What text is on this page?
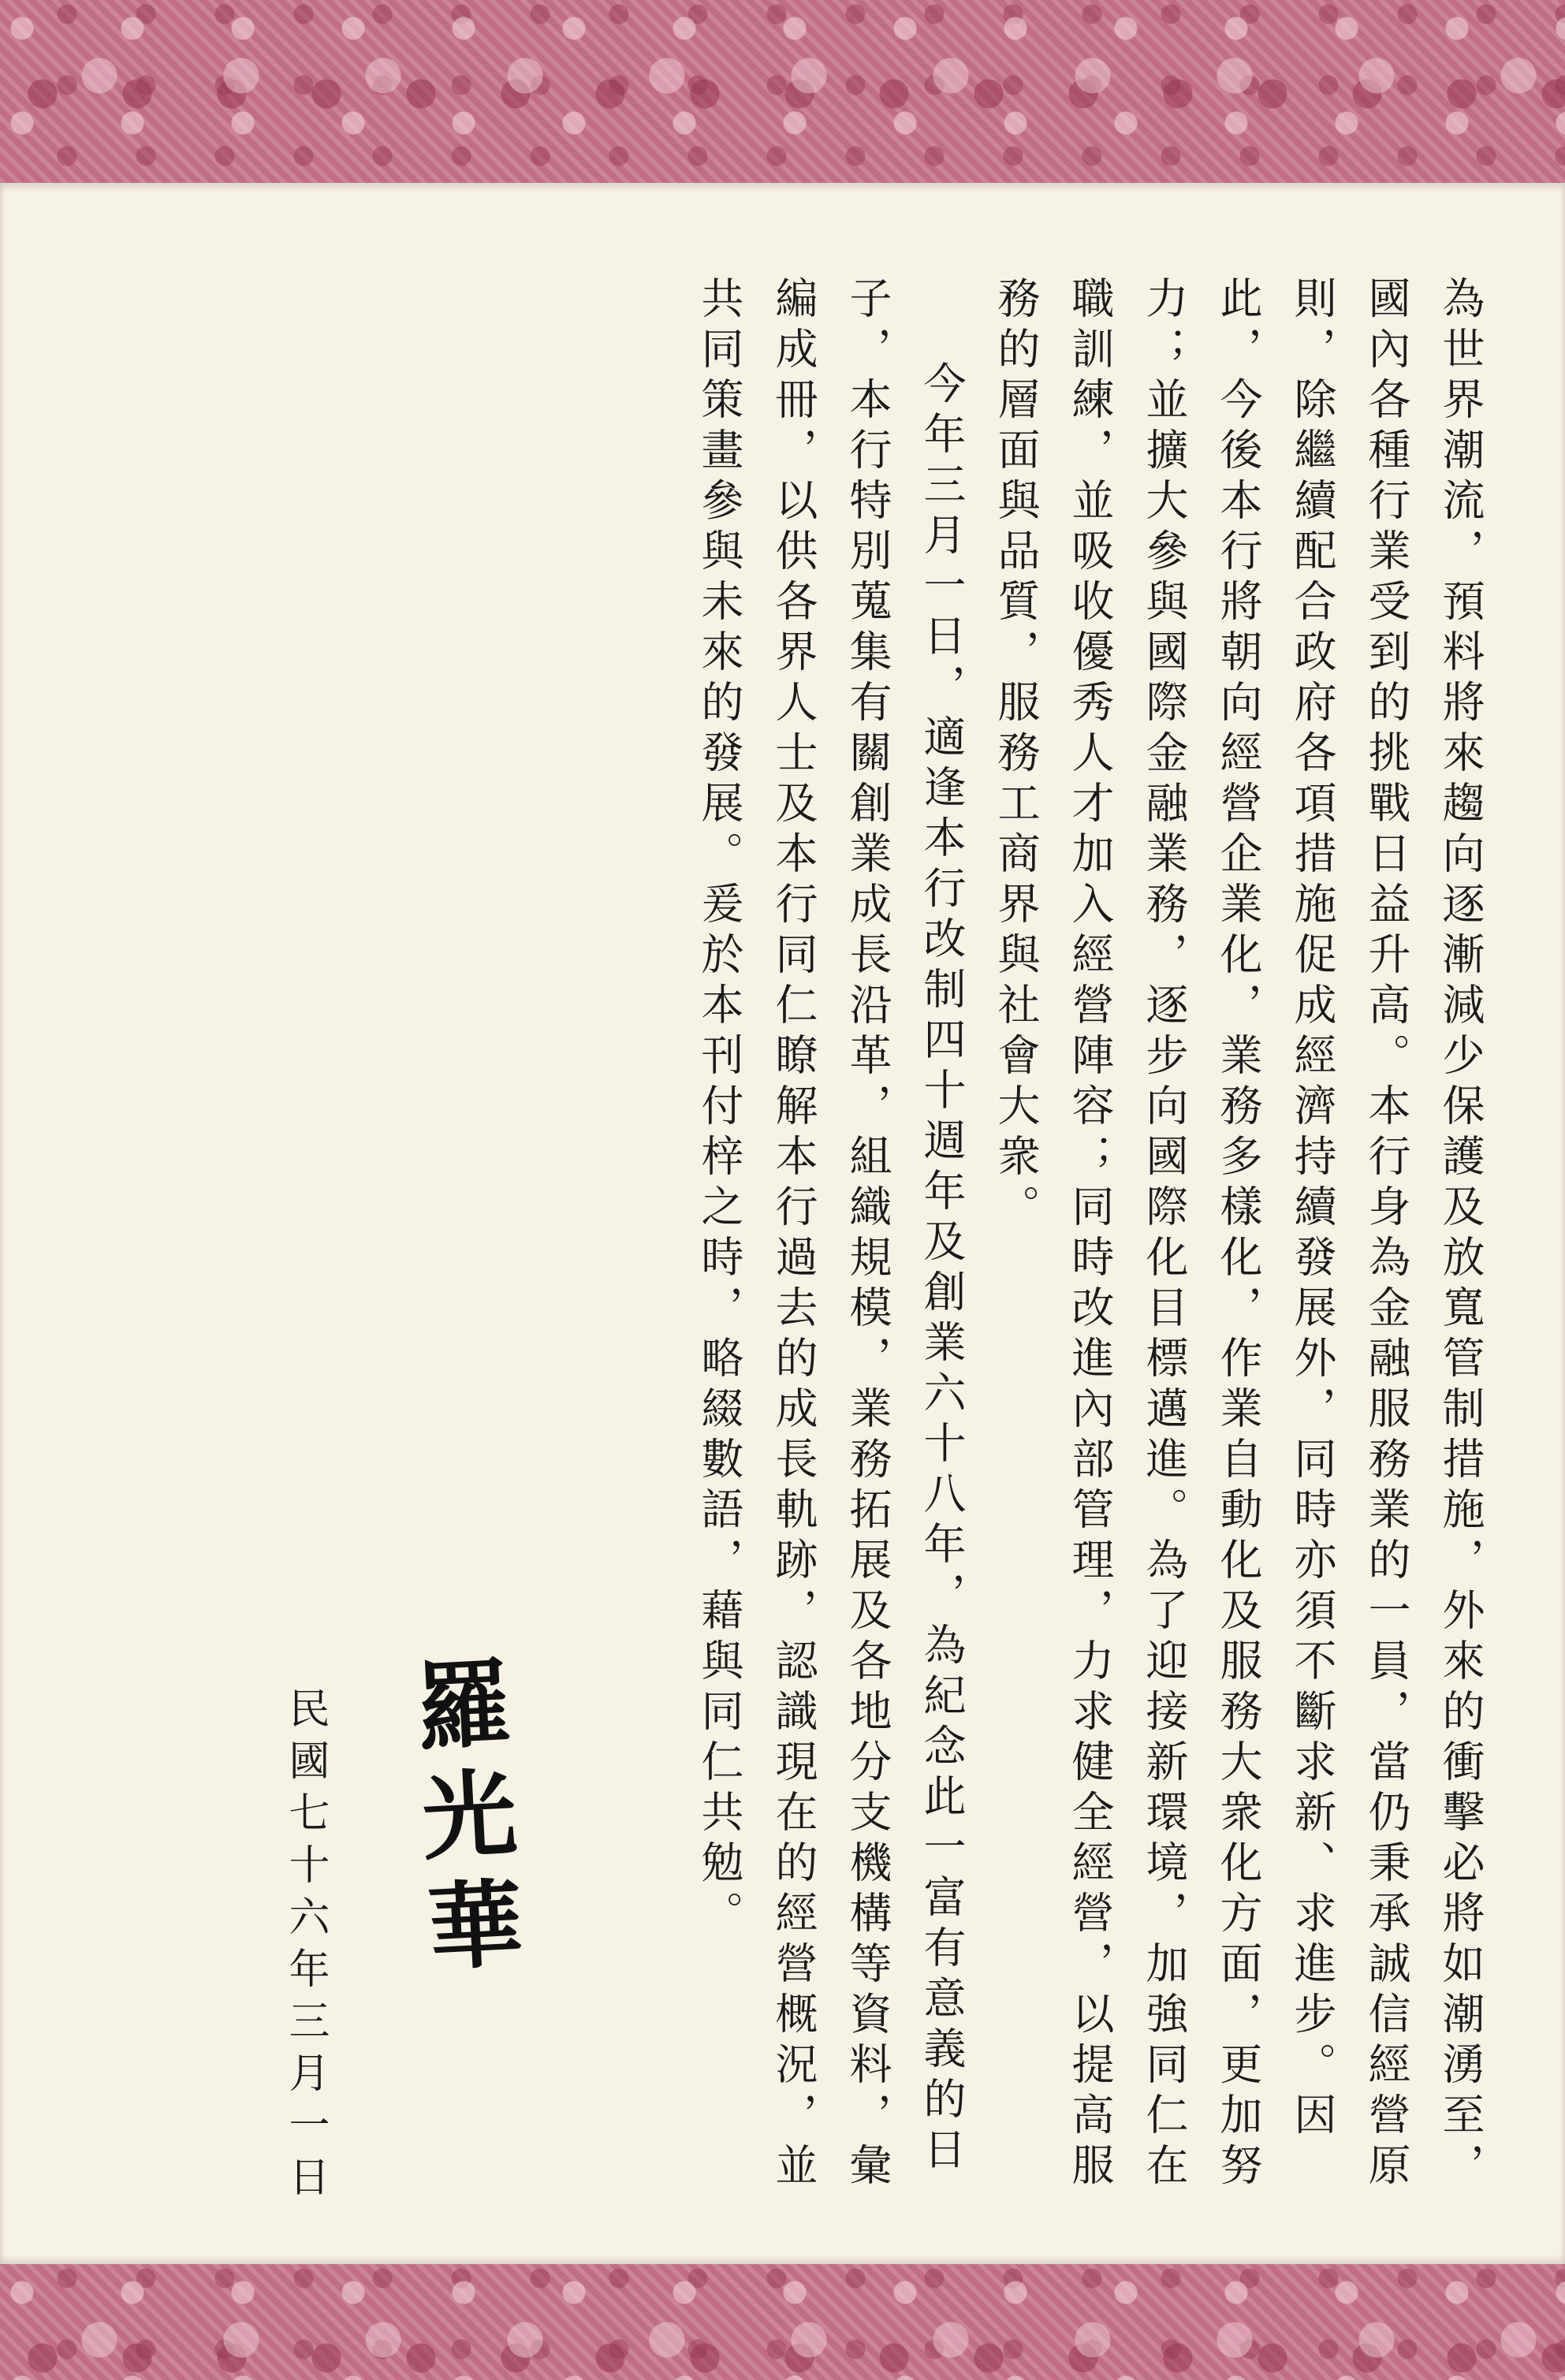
為世界潮流，預料將來趨向逐漸減少保護及放寬管制措施，外來的衝擊必將如潮湧至，國內各種行業受到的挑戰日益升高。本行身為金融服務業的一員，當仍秉承誠信經營原則，除繼續配合政府各項措施促成經濟持續發展外，同時亦須不斷求新、求進步。因此，今後本行將朝向經營企業化，業務多樣化，作業自動化及服務大衆化方面，更加努力；並擴大參與國際金融業務，逐步向國際化目標邁進。為了迎接新環境，加強同仁在職訓練，並吸收優秀人才加入經營陣容；同時改進內部管理，力求健全經營，以提高服務的層面與品質，服務工商界與社會大衆。

今年三月一日，適逢本行改制四十週年及創業六十八年，為紀念此一富有意義的日子，本行特別蒐集有關創業成長沿革，組織規模，業務拓展及各地分支機構等資料，彙編成冊，以供各界人士及本行同仁瞭解本行過去的成長軌跡，認識現在的經營概況，並共同策畫參與未來的發展。爰於本刊付梓之時，略綴數語，藉與同仁共勉。

羅光華
民國七十六年三月一日
